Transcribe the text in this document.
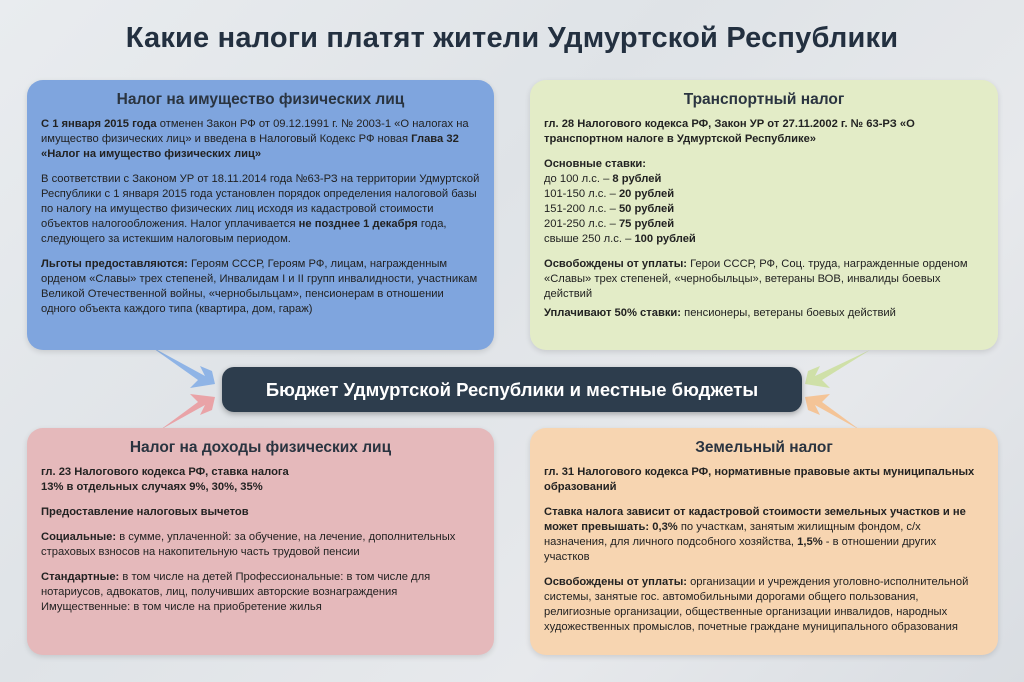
Какие налоги платят жители Удмуртской Республики
Налог на имущество физических лиц

С 1 января 2015 года отменен Закон РФ от 09.12.1991 г. № 2003-1 «О налогах на имущество физических лиц» и введена в Налоговый Кодекс РФ новая Глава 32 «Налог на имущество физических лиц»

В соответствии с Законом УР от 18.11.2014 года №63-РЗ на территории Удмуртской Республики с 1 января 2015 года установлен порядок определения налоговой базы по налогу на имущество физических лиц исходя из кадастровой стоимости объектов налогообложения. Налог уплачивается не позднее 1 декабря года, следующего за истекшим налоговым периодом.

Льготы предоставляются: Героям СССР, Героям РФ, лицам, награжденным орденом «Славы» трех степеней, Инвалидам I и II групп инвалидности, участникам Великой Отечественной войны, «чернобыльцам», пенсионерам в отношении одного объекта каждого типа (квартира, дом, гараж)

Транспортный налог

гл. 28 Налогового кодекса РФ, Закон УР от 27.11.2002 г. № 63-РЗ «О транспортном налоге в Удмуртской Республике»

Основные ставки:
до 100 л.с. – 8 рублей
101-150 л.с. – 20 рублей
151-200 л.с. – 50 рублей
201-250 л.с. – 75 рублей
свыше 250 л.с. – 100 рублей

Освобождены от уплаты: Герои СССР, РФ, Соц. труда, награжденные орденом «Славы» трех степеней, «чернобыльцы», ветераны ВОВ, инвалиды боевых действий

Уплачивают 50% ставки: пенсионеры, ветераны боевых действий

Бюджет Удмуртской Республики и местные бюджеты
Налог на доходы физических лиц

гл. 23 Налогового кодекса РФ, ставка налога 13% в отдельных случаях 9%, 30%, 35%

Предоставление налоговых вычетов

Социальные: в сумме, уплаченной: за обучение, на лечение, дополнительных страховых взносов на накопительную часть трудовой пенсии

Стандартные: в том числе на детей Профессиональные: в том числе для нотариусов, адвокатов, лиц, получивших авторские вознаграждения Имущественные: в том числе на приобретение жилья

Земельный налог

гл. 31 Налогового кодекса РФ, нормативные правовые акты муниципальных образований

Ставка налога зависит от кадастровой стоимости земельных участков и не может превышать: 0,3% по участкам, занятым жилищным фондом, с/х назначения, для личного подсобного хозяйства, 1,5% - в отношении других участков

Освобождены от уплаты: организации и учреждения уголовно-исполнительной системы, занятые гос. автомобильными дорогами общего пользования, религиозные организации, общественные организации инвалидов, народных художественных промыслов, почетные граждане муниципального образования
